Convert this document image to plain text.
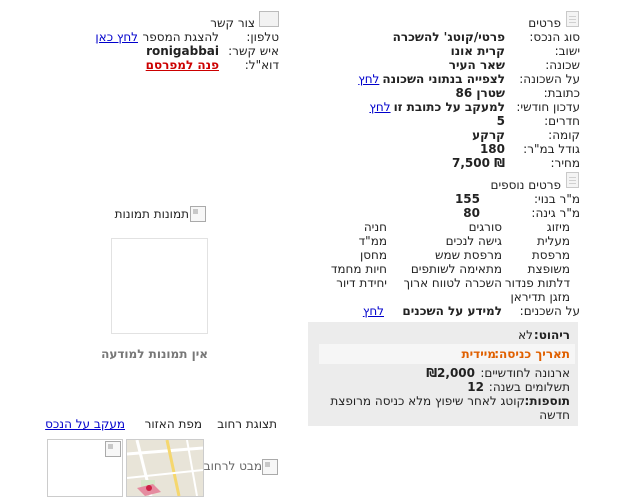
פרטים
סוג הנכס:
פרטי/קוטג' להשכרה
ישוב:
קרית אונו
שכונה:
שאר העיר
על השכונה:
לצפייה בנתוני השכונה
לחץ
כתובת:
שטרן 86
עדכון חודשי:
למעקב על כתובת זו
לחץ
חדרים:
5
קומה:
קרקע
גודל במ"ר:
180
מחיר:
₪ 7,500
צור קשר
טלפון:
להצגת המספר
לחץ כאן
איש קשר:
ronigabbai
דוא"ל:
פנה למפרסם
פרטים נוספים
מ"ר בנוי:
155
מ"ר גינה:
80
מיזוג
סורגים
חניה
מעלית
גישה לנכים
ממ"ד
מרפסת
מרפסת שמש
מחסן
משופצת
מתאימה לשותפים
חיות מחמד
דלתות פנדור
השכרה לטווח ארוך
יחידת דיור
מזגן תדיראן
על השכנים:
למידע על השכנים
לחץ
ריהוט:
לא
תאריך כניסה:
מיידית
ארנונה לחודשיים:
₪2,000
תשלומים בשנה:
12
תוספות:
קוטג לאחר שיפוץ מלא כניסה מרופצת חדשה
תמונות תמונות
אין תמונות למודעה
תצוגת רחוב
מפת האזור
מעקב על הנכס
מבט לרחוב
